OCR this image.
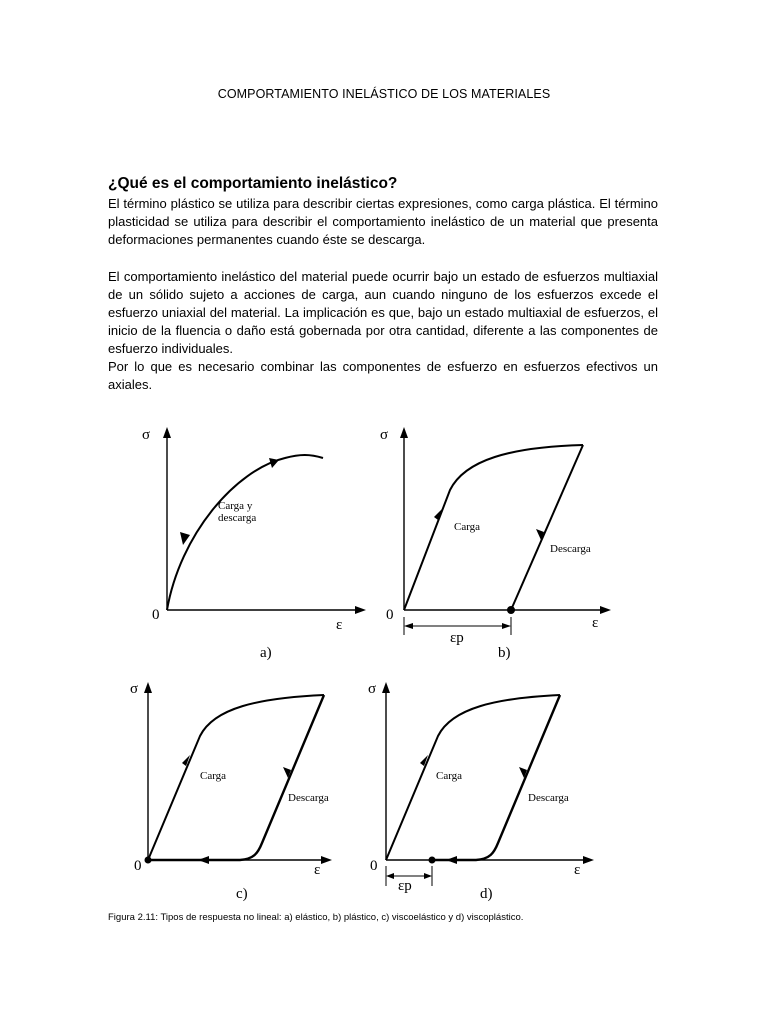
COMPORTAMIENTO INELÁSTICO DE LOS MATERIALES
¿Qué es el comportamiento inelástico?
El término plástico se utiliza para describir ciertas expresiones, como carga plástica. El término plasticidad se utiliza para describir el comportamiento inelástico de un material que presenta deformaciones permanentes cuando éste se descarga.
El comportamiento inelástico del material puede ocurrir bajo un estado de esfuerzos multiaxial de un sólido sujeto a acciones de carga, aun cuando ninguno de los esfuerzos excede el esfuerzo uniaxial del material. La implicación es que, bajo un estado multiaxial de esfuerzos, el inicio de la fluencia o daño está gobernada por otra cantidad, diferente a las componentes de esfuerzo individuales.
Por lo que es necesario combinar las componentes de esfuerzo en esfuerzos efectivos un axiales.
σ
0
ε
Carga y descarga
a)
σ
0	ε
εp
Carga
Descarga
b)
σ
0	ε
Carga
Descarga
c)
σ
0	ε
εp
Carga
Descarga
d)
Figura 2.11: Tipos de respuesta no lineal: a) elástico, b) plástico, c) viscoelástico y d) viscoplástico.
